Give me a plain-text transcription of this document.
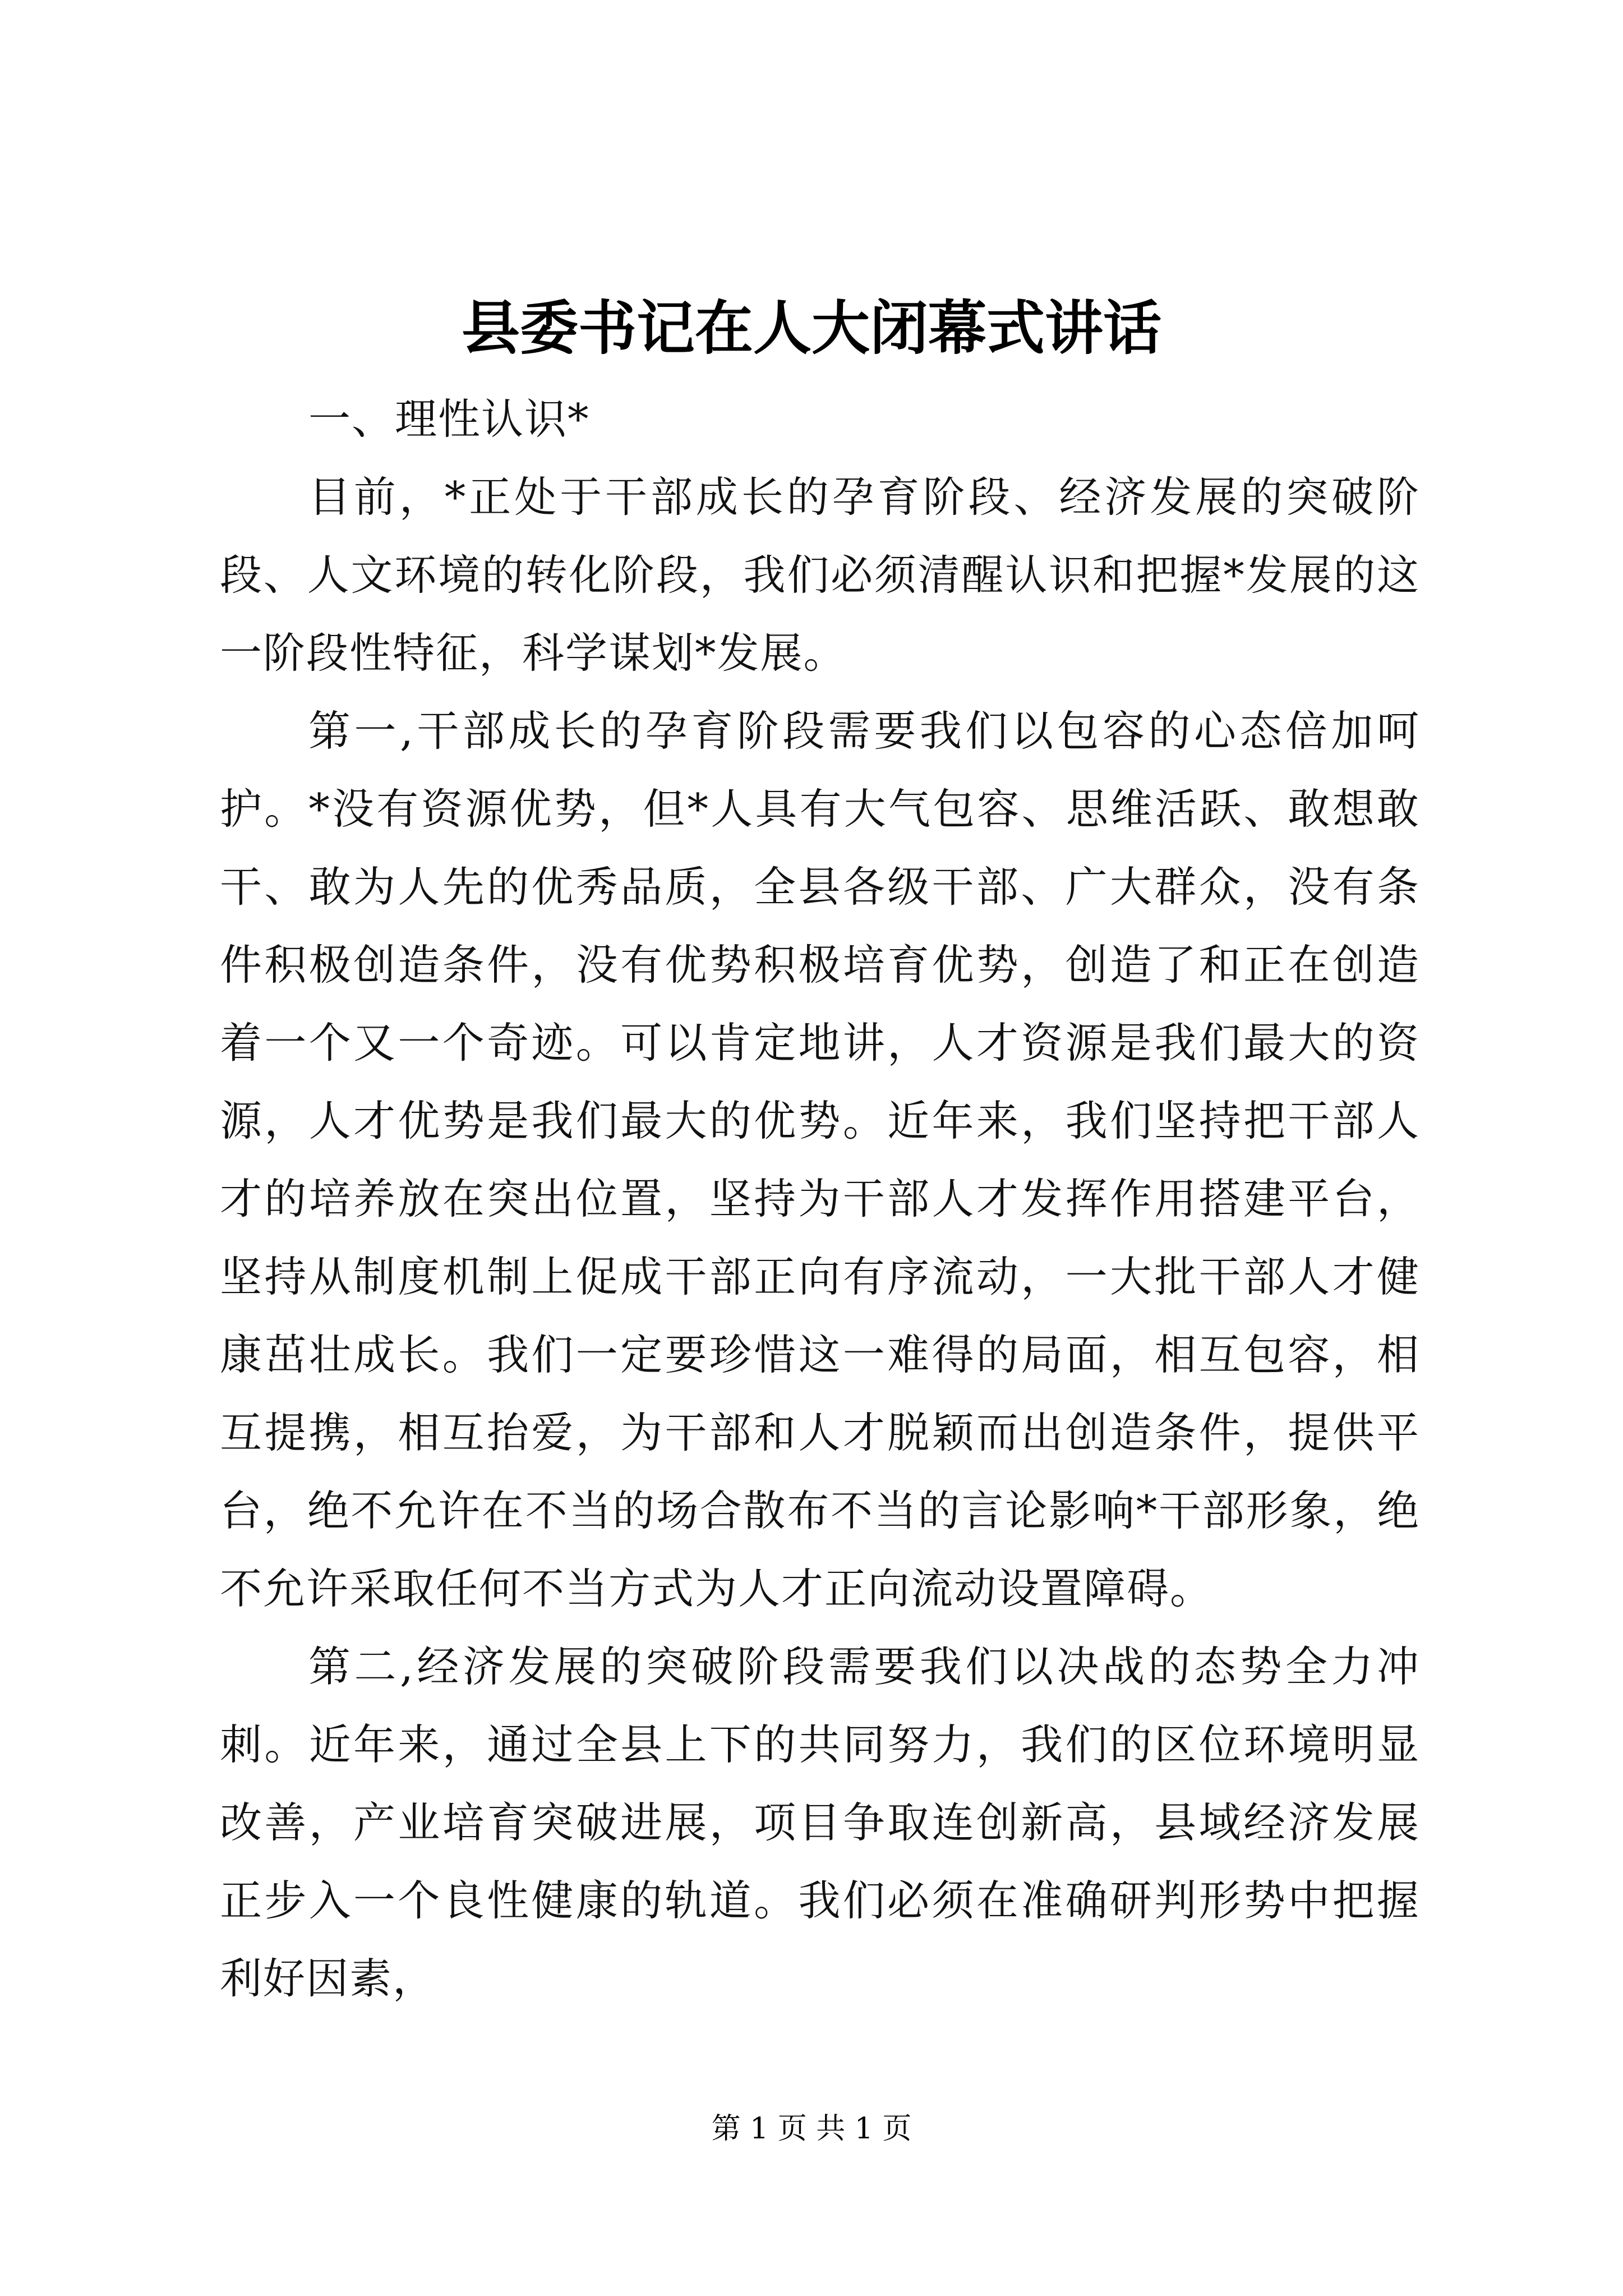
县委书记在人大闭幕式讲话

一、理性认识*

目前，*正处于干部成长的孕育阶段、经济发展的突破阶段、人文环境的转化阶段，我们必须清醒认识和把握*发展的这一阶段性特征，科学谋划*发展。

第一,干部成长的孕育阶段需要我们以包容的心态倍加呵护。*没有资源优势，但*人具有大气包容、思维活跃、敢想敢干、敢为人先的优秀品质，全县各级干部、广大群众，没有条件积极创造条件，没有优势积极培育优势，创造了和正在创造着一个又一个奇迹。可以肯定地讲，人才资源是我们最大的资源，人才优势是我们最大的优势。近年来，我们坚持把干部人才的培养放在突出位置，坚持为干部人才发挥作用搭建平台，坚持从制度机制上促成干部正向有序流动，一大批干部人才健康茁壮成长。我们一定要珍惜这一难得的局面，相互包容，相互提携，相互抬爱，为干部和人才脱颖而出创造条件，提供平台，绝不允许在不当的场合散布不当的言论影响*干部形象，绝不允许采取任何不当方式为人才正向流动设置障碍。

第二,经济发展的突破阶段需要我们以决战的态势全力冲刺。近年来，通过全县上下的共同努力，我们的区位环境明显改善，产业培育突破进展，项目争取连创新高，县域经济发展正步入一个良性健康的轨道。我们必须在准确研判形势中把握利好因素，

第 1 页 共 1 页
